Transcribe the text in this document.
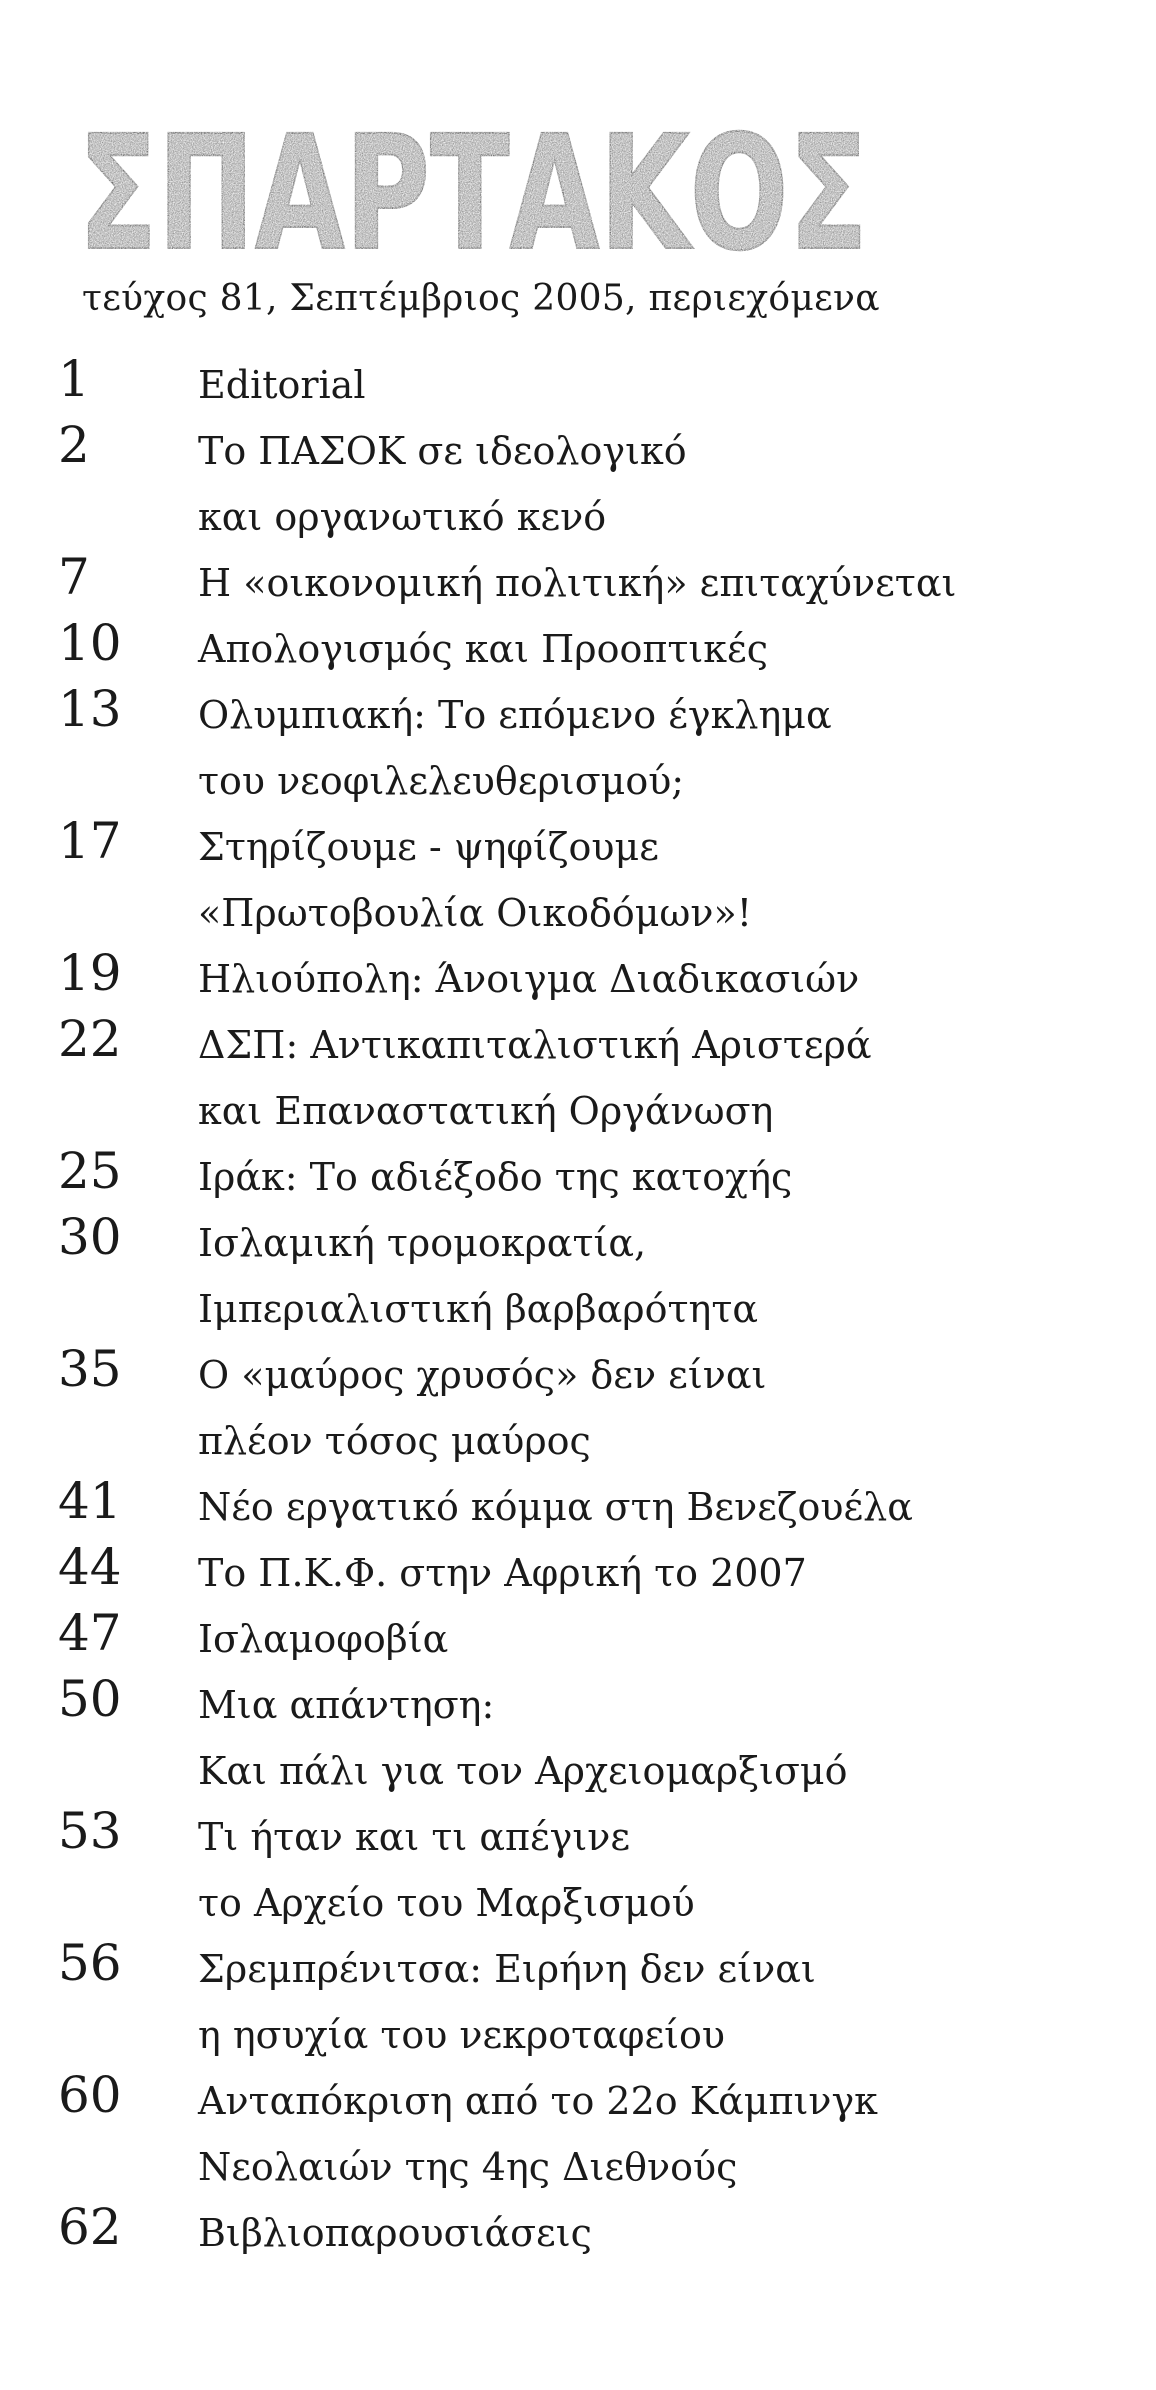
ΣΠΑΡΤΑΚΟΣ
τεύχος 81, Σεπτέμβριος 2005, περιεχόμενα
1	Editorial
2	Το ΠΑΣΟΚ σε ιδεολογικό
και οργανωτικό κενό
7	Η «οικονομική πολιτική» επιταχύνεται
10	Απολογισμός και Προοπτικές
13	Ολυμπιακή: Το επόμενο έγκλημα
του νεοφιλελευθερισμού;
17	Στηρίζουμε - ψηφίζουμε
«Πρωτοβουλία Οικοδόμων»!
19	Ηλιούπολη: Άνοιγμα Διαδικασιών
22	ΔΣΠ: Αντικαπιταλιστική Αριστερά
και Επαναστατική Οργάνωση
25	Ιράκ: Το αδιέξοδο της κατοχής
30	Ισλαμική τρομοκρατία,
Ιμπεριαλιστική βαρβαρότητα
35	Ο «μαύρος χρυσός» δεν είναι
πλέον τόσος μαύρος
41	Νέο εργατικό κόμμα στη Βενεζουέλα
44	Το Π.Κ.Φ. στην Αφρική το 2007
47	Ισλαμοφοβία
50	Μια απάντηση:
Και πάλι για τον Αρχειομαρξισμό
53	Τι ήταν και τι απέγινε
το Αρχείο του Μαρξισμού
56	Σρεμπρένιτσα: Ειρήνη δεν είναι
η ησυχία του νεκροταφείου
60	Ανταπόκριση από το 22ο Κάμπινγκ
Νεολαιών της 4ης Διεθνούς
62	Βιβλιοπαρουσιάσεις
